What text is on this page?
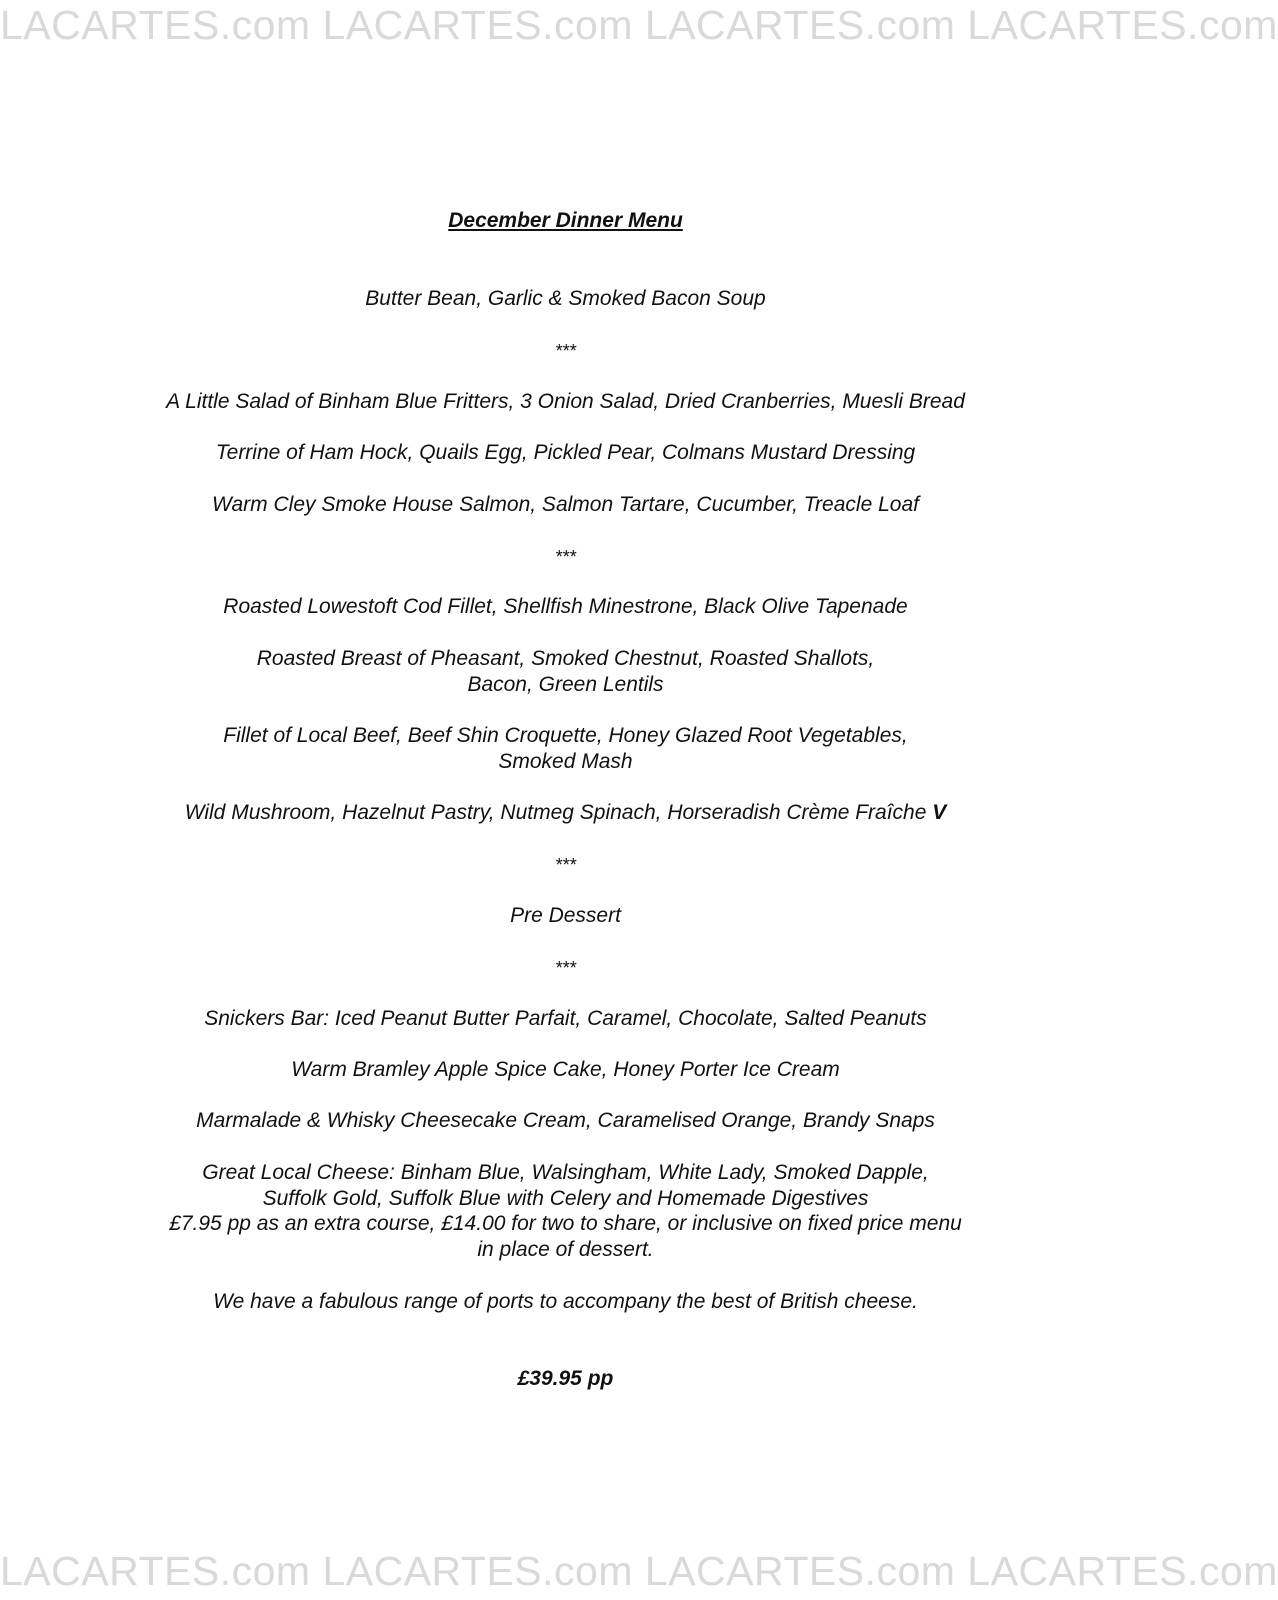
LACARTES.com LACARTES.com LACARTES.com LACARTES.com
LACARTES.com LACARTES.com LACARTES.com LACARTES.com
December Dinner Menu
Butter Bean, Garlic & Smoked Bacon Soup
***
A Little Salad of Binham Blue Fritters, 3 Onion Salad, Dried Cranberries, Muesli Bread
Terrine of Ham Hock, Quails Egg, Pickled Pear, Colmans Mustard Dressing
Warm Cley Smoke House Salmon, Salmon Tartare, Cucumber, Treacle Loaf
***
Roasted Lowestoft Cod Fillet, Shellfish Minestrone, Black Olive Tapenade
Roasted Breast of Pheasant, Smoked Chestnut, Roasted Shallots,
Bacon, Green Lentils
Fillet of Local Beef, Beef Shin Croquette, Honey Glazed Root Vegetables,
Smoked Mash
Wild Mushroom, Hazelnut Pastry, Nutmeg Spinach, Horseradish Crème Fraîche V
***
Pre Dessert
***
Snickers Bar: Iced Peanut Butter Parfait, Caramel, Chocolate, Salted Peanuts
Warm Bramley Apple Spice Cake, Honey Porter Ice Cream
Marmalade & Whisky Cheesecake Cream, Caramelised Orange, Brandy Snaps
Great Local Cheese: Binham Blue, Walsingham, White Lady, Smoked Dapple,
Suffolk Gold, Suffolk Blue with Celery and Homemade Digestives
£7.95 pp as an extra course, £14.00 for two to share, or inclusive on fixed price menu
in place of dessert.
We have a fabulous range of ports to accompany the best of British cheese.
£39.95 pp
